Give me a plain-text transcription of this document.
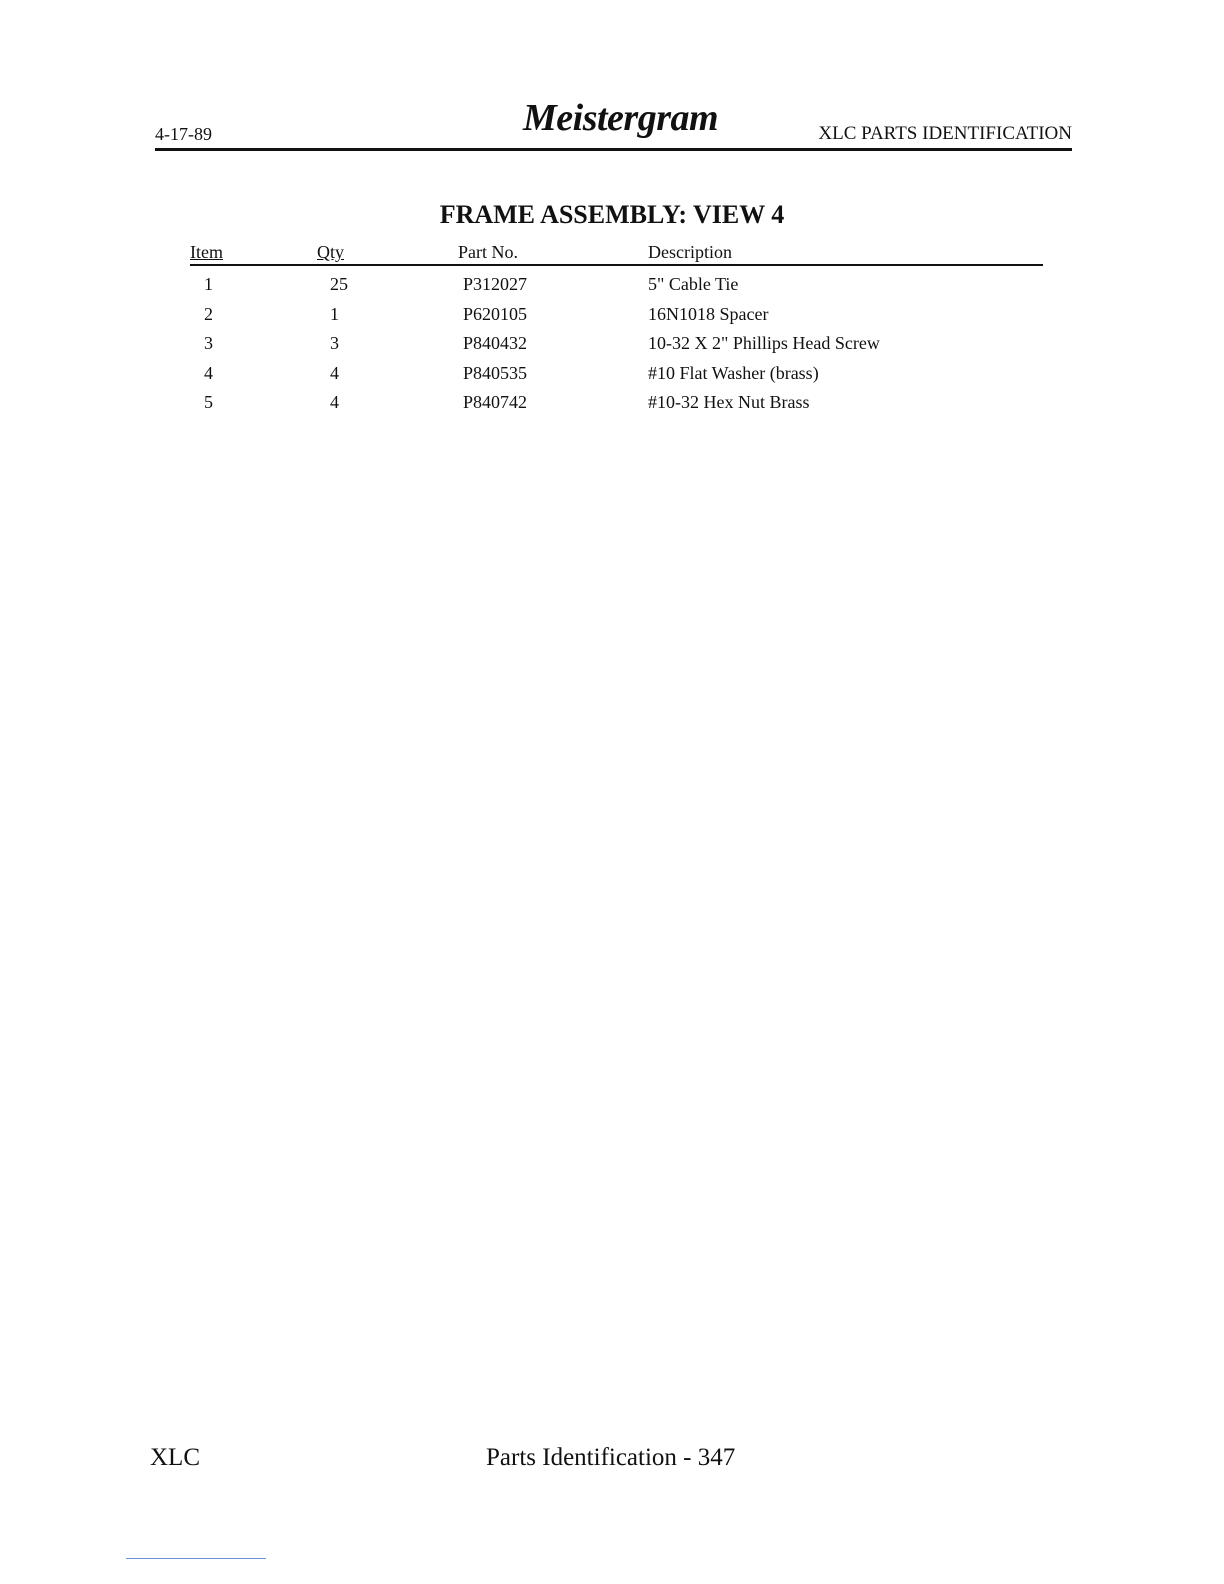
4-17-89	Meistergram	XLC PARTS IDENTIFICATION
FRAME ASSEMBLY: VIEW 4
Item	Qty	Part No.	Description
1	25	P312027	5" Cable Tie
2	1	P620105	16N1018 Spacer
3	3	P840432	10-32 X 2" Phillips Head Screw
4	4	P840535	#10 Flat Washer (brass)
5	4	P840742	#10-32 Hex Nut Brass
XLC	Parts Identification - 347
